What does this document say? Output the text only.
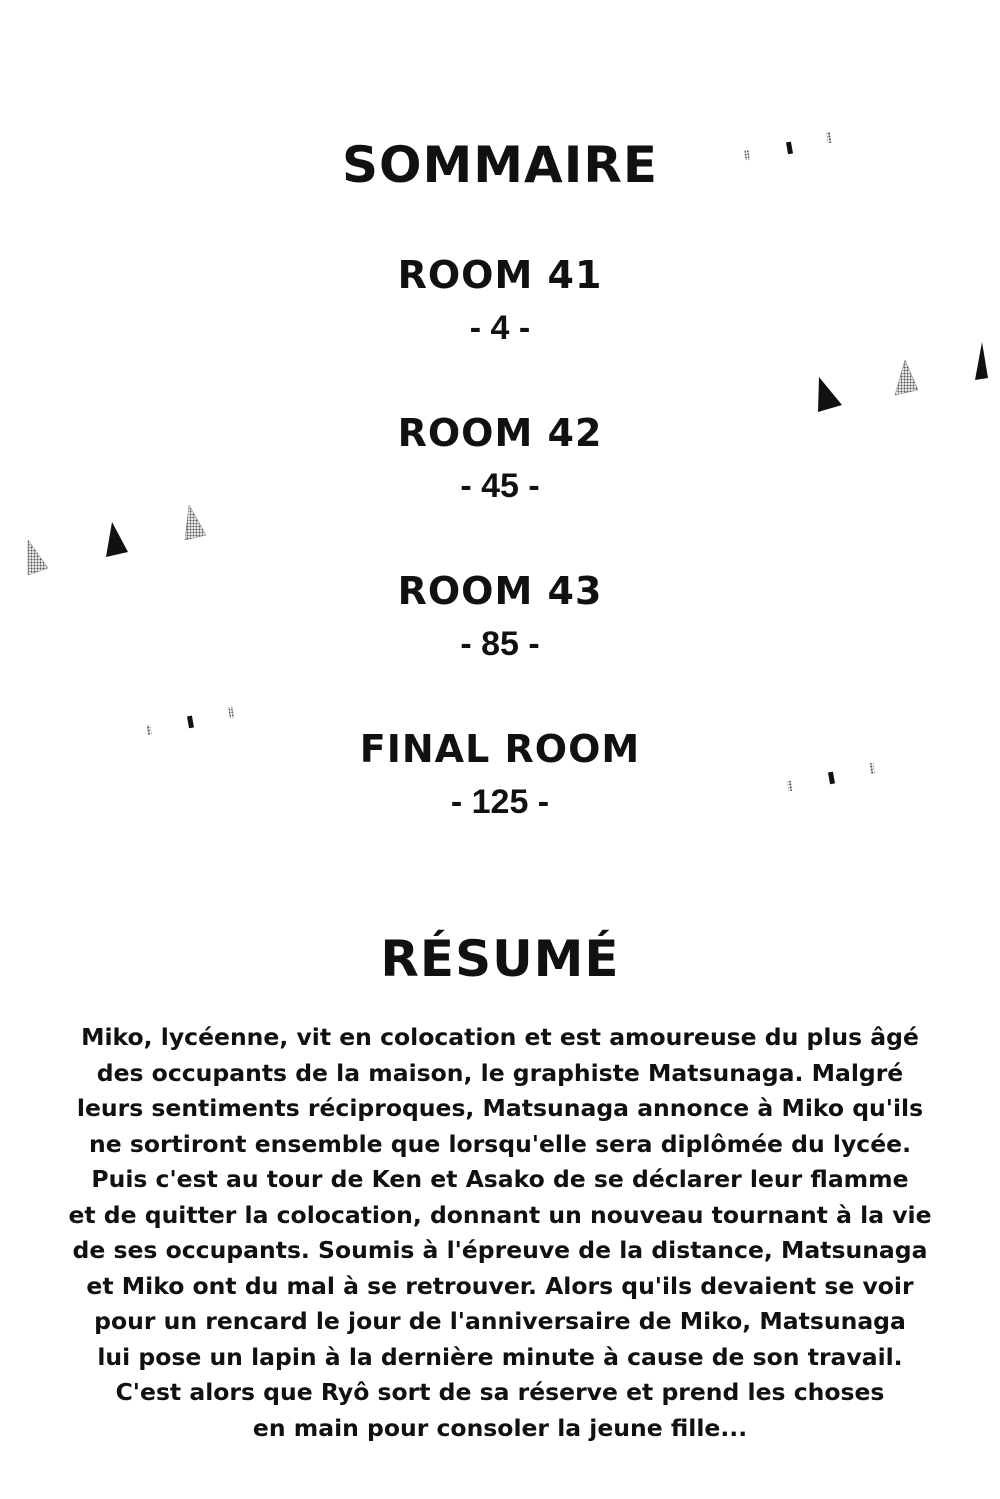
SOMMAIRE
ROOM 41
- 4 -
ROOM 42
- 45 -
ROOM 43
- 85 -
FINAL ROOM
- 125 -
RÉSUMÉ

Miko, lycéenne, vit en colocation et est amoureuse du plus âgé
des occupants de la maison, le graphiste Matsunaga. Malgré
leurs sentiments réciproques, Matsunaga annonce à Miko qu'ils
ne sortiront ensemble que lorsqu'elle sera diplômée du lycée.
Puis c'est au tour de Ken et Asako de se déclarer leur flamme
et de quitter la colocation, donnant un nouveau tournant à la vie
de ses occupants. Soumis à l'épreuve de la distance, Matsunaga
et Miko ont du mal à se retrouver. Alors qu'ils devaient se voir
pour un rencard le jour de l'anniversaire de Miko, Matsunaga
lui pose un lapin à la dernière minute à cause de son travail.
C'est alors que Ryô sort de sa réserve et prend les choses
en main pour consoler la jeune fille...
